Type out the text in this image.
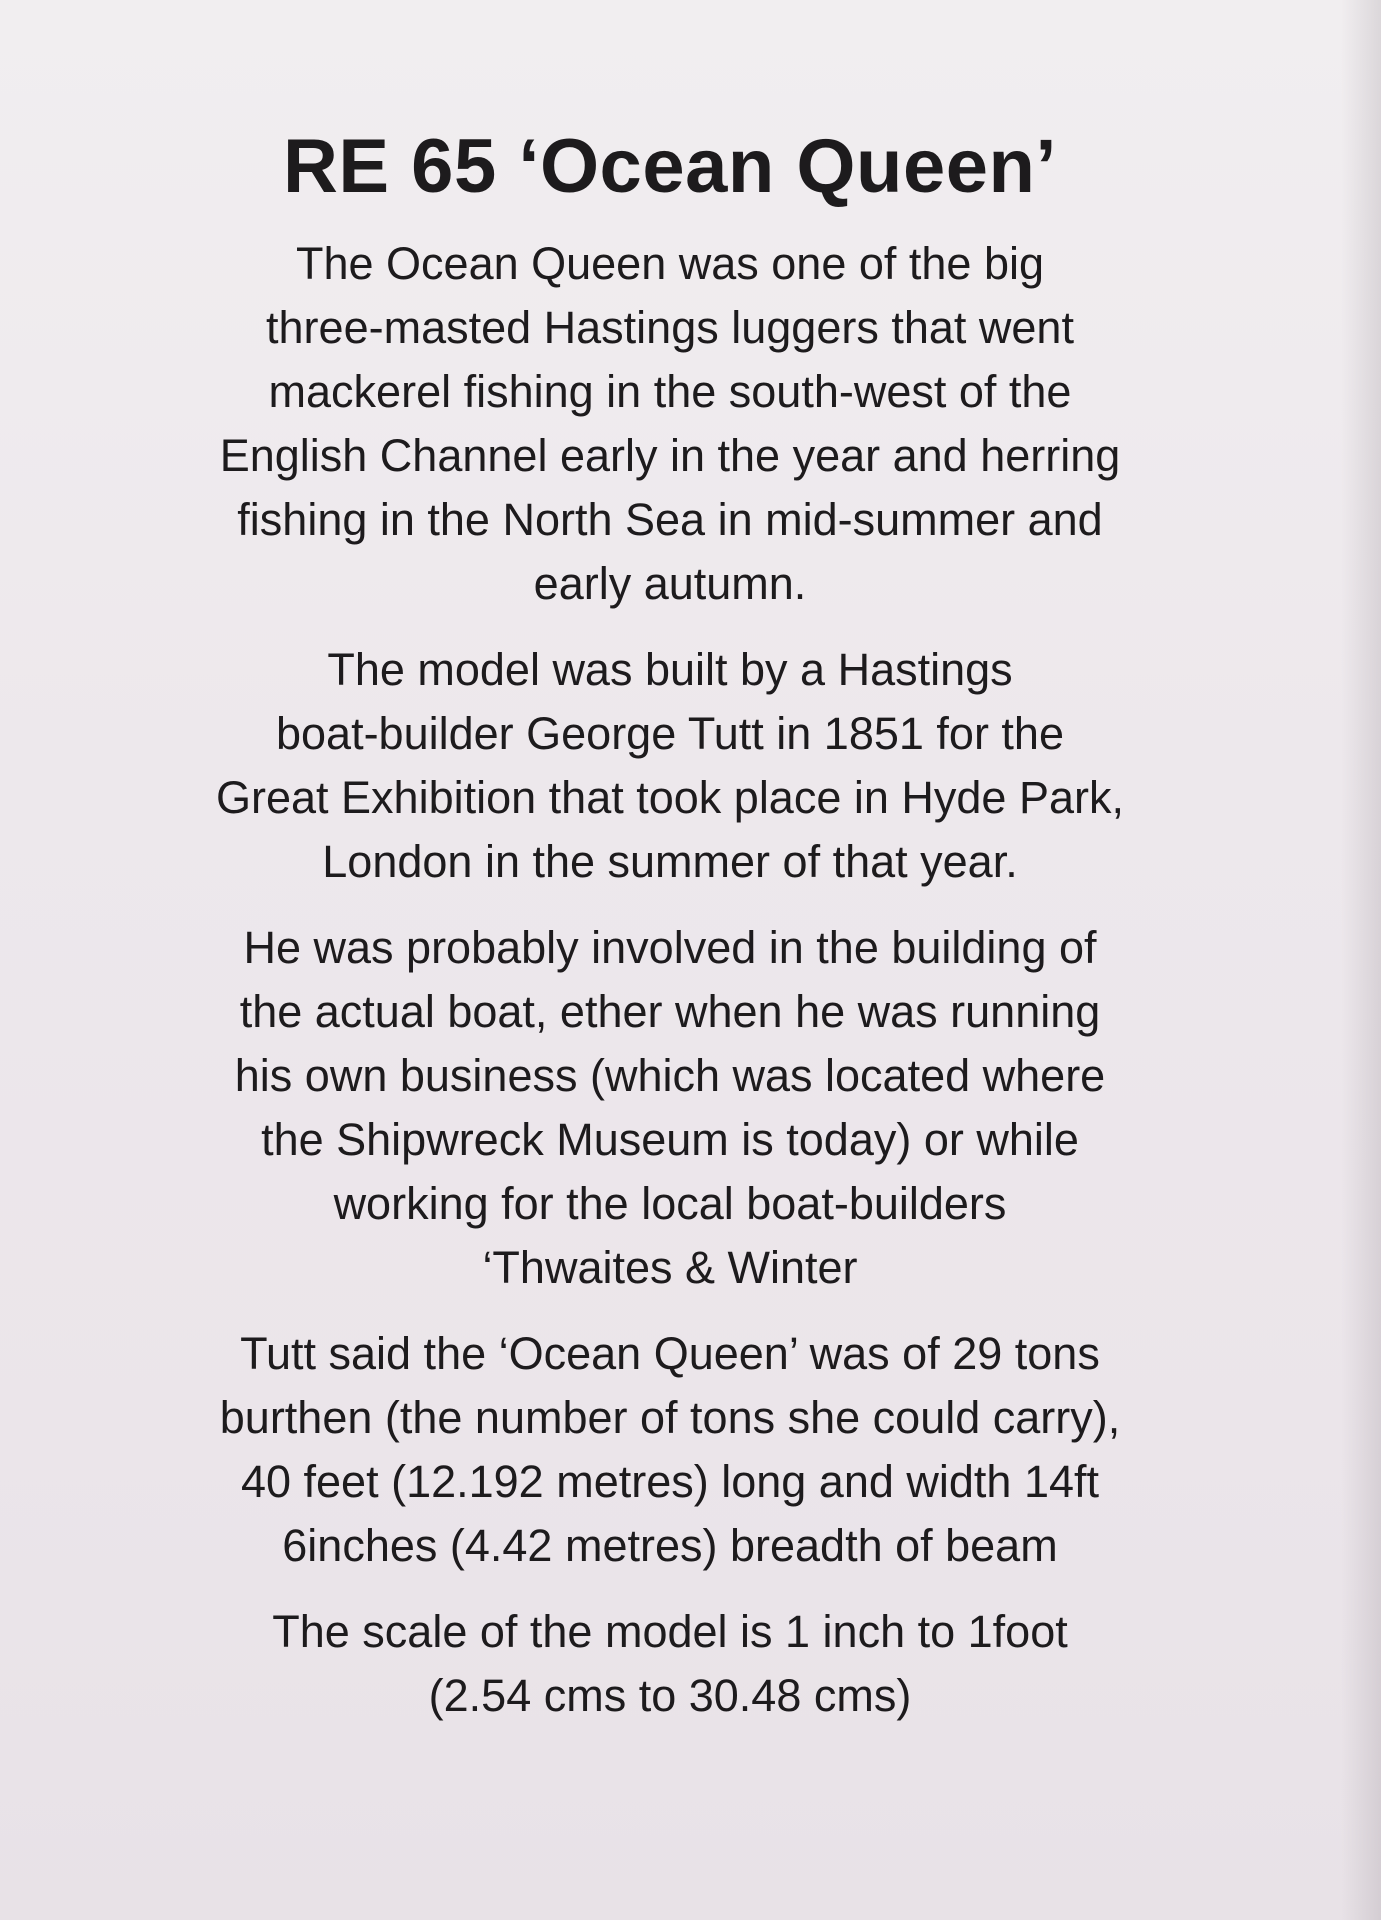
RE 65 ‘Ocean Queen’
The Ocean Queen was one of the big
three-masted Hastings luggers that went
mackerel fishing in the south-west of the
English Channel early in the year and herring
fishing in the North Sea in mid-summer and
early autumn.
The model was built by a Hastings
boat-builder George Tutt in 1851 for the
Great Exhibition that took place in Hyde Park,
London in the summer of that year.
He was probably involved in the building of
the actual boat, ether when he was running
his own business (which was located where
the Shipwreck Museum is today) or while
working for the local boat-builders
‘Thwaites & Winter
Tutt said the ‘Ocean Queen’ was of 29 tons
burthen (the number of tons she could carry),
40 feet (12.192 metres) long and width 14ft
6inches (4.42 metres) breadth of beam
The scale of the model is 1 inch to 1foot
(2.54 cms to 30.48 cms)
